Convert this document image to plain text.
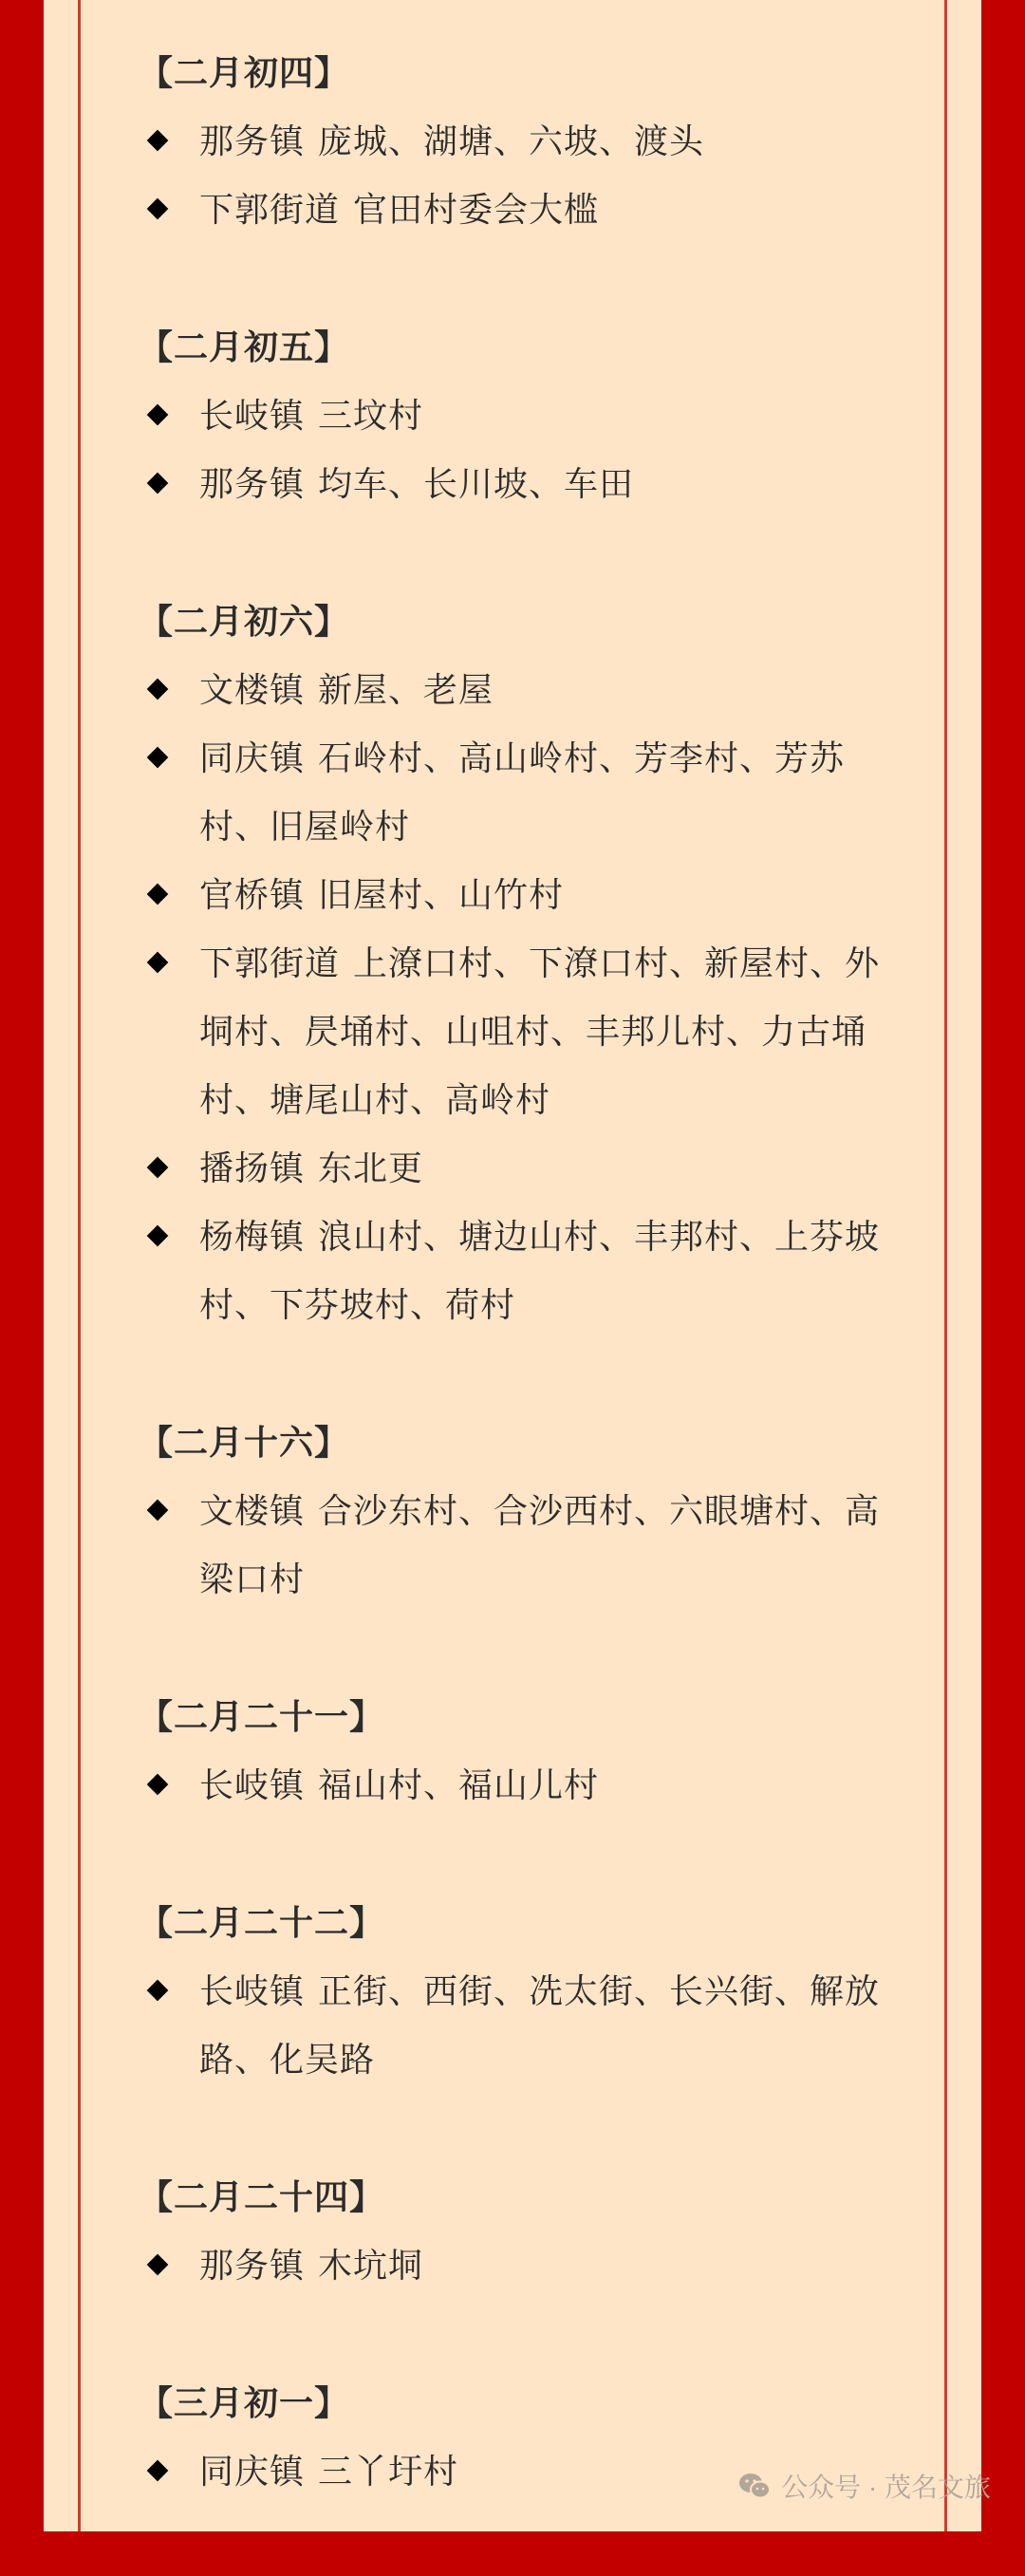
【二月初四】
那务镇 庞城、湖塘、六坡、渡头
下郭街道 官田村委会大槛
【二月初五】
长岐镇 三坟村
那务镇 均车、长川坡、车田
【二月初六】
文楼镇 新屋、老屋
同庆镇 石岭村、高山岭村、芳李村、芳苏村、旧屋岭村
官桥镇 旧屋村、山竹村
下郭街道 上潦口村、下潦口村、新屋村、外垌村、昃埇村、山咀村、丰邦儿村、力古埇村、塘尾山村、高岭村
播扬镇 东北更
杨梅镇 浪山村、塘边山村、丰邦村、上芬坡村、下芬坡村、荷村
【二月十六】
文楼镇 合沙东村、合沙西村、六眼塘村、高梁口村
【二月二十一】
长岐镇 福山村、福山儿村
【二月二十二】
长岐镇 正街、西街、冼太街、长兴街、解放路、化吴路
【二月二十四】
那务镇 木坑垌
【三月初一】
同庆镇 三丫圩村	公众号 · 茂名文旅
